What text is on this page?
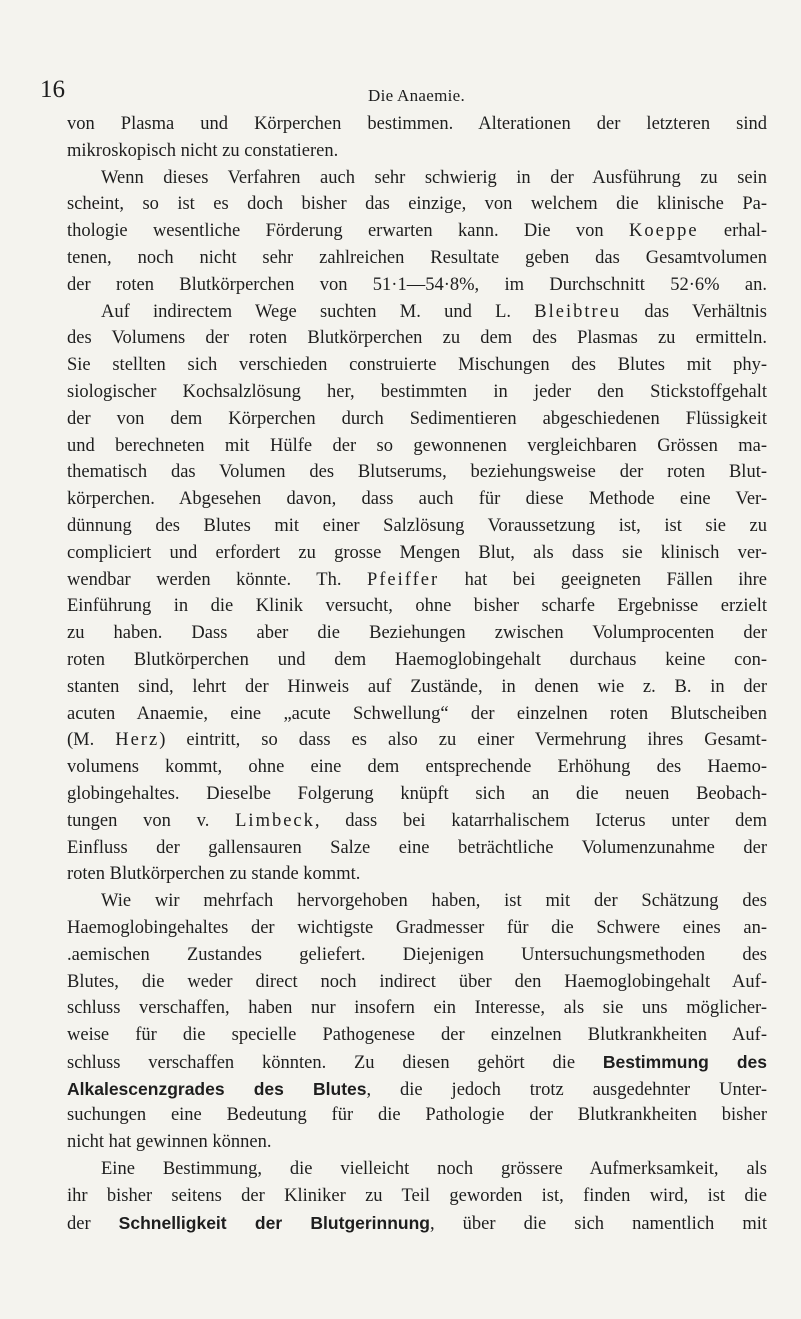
16	Die Anaemie.
von Plasma und Körperchen bestimmen. Alterationen der letzteren sind
mikroskopisch nicht zu constatieren.
Wenn dieses Verfahren auch sehr schwierig in der Ausführung zu sein
scheint, so ist es doch bisher das einzige, von welchem die klinische Pa-
thologie wesentliche Förderung erwarten kann. Die von Koeppe erhal-
tenen, noch nicht sehr zahlreichen Resultate geben das Gesamtvolumen
der roten Blutkörperchen von 51·1—54·8%, im Durchschnitt 52·6% an.
Auf indirectem Wege suchten M. und L. Bleibtreu das Verhältnis
des Volumens der roten Blutkörperchen zu dem des Plasmas zu ermitteln.
Sie stellten sich verschieden construierte Mischungen des Blutes mit phy-
siologischer Kochsalzlösung her, bestimmten in jeder den Stickstoffgehalt
der von dem Körperchen durch Sedimentieren abgeschiedenen Flüssigkeit
und berechneten mit Hülfe der so gewonnenen vergleichbaren Grössen ma-
thematisch das Volumen des Blutserums, beziehungsweise der roten Blut-
körperchen. Abgesehen davon, dass auch für diese Methode eine Ver-
dünnung des Blutes mit einer Salzlösung Voraussetzung ist, ist sie zu
compliciert und erfordert zu grosse Mengen Blut, als dass sie klinisch ver-
wendbar werden könnte. Th. Pfeiffer hat bei geeigneten Fällen ihre
Einführung in die Klinik versucht, ohne bisher scharfe Ergebnisse erzielt
zu haben. Dass aber die Beziehungen zwischen Volumprocenten der
roten Blutkörperchen und dem Haemoglobingehalt durchaus keine con-
stanten sind, lehrt der Hinweis auf Zustände, in denen wie z. B. in der
acuten Anaemie, eine „acute Schwellung“ der einzelnen roten Blutscheiben
(M. Herz) eintritt, so dass es also zu einer Vermehrung ihres Gesamt-
volumens kommt, ohne eine dem entsprechende Erhöhung des Haemo-
globingehaltes. Dieselbe Folgerung knüpft sich an die neuen Beobach-
tungen von v. Limbeck, dass bei katarrhalischem Icterus unter dem
Einfluss der gallensauren Salze eine beträchtliche Volumenzunahme der
roten Blutkörperchen zu stande kommt.
Wie wir mehrfach hervorgehoben haben, ist mit der Schätzung des
Haemoglobingehaltes der wichtigste Gradmesser für die Schwere eines an-
.aemischen Zustandes geliefert. Diejenigen Untersuchungsmethoden des
Blutes, die weder direct noch indirect über den Haemoglobingehalt Auf-
schluss verschaffen, haben nur insofern ein Interesse, als sie uns möglicher-
weise für die specielle Pathogenese der einzelnen Blutkrankheiten Auf-
schluss verschaffen könnten. Zu diesen gehört die Bestimmung des
Alkalescenzgrades des Blutes, die jedoch trotz ausgedehnter Unter-
suchungen eine Bedeutung für die Pathologie der Blutkrankheiten bisher
nicht hat gewinnen können.
Eine Bestimmung, die vielleicht noch grössere Aufmerksamkeit, als
ihr bisher seitens der Kliniker zu Teil geworden ist, finden wird, ist die
der Schnelligkeit der Blutgerinnung, über die sich namentlich mit
